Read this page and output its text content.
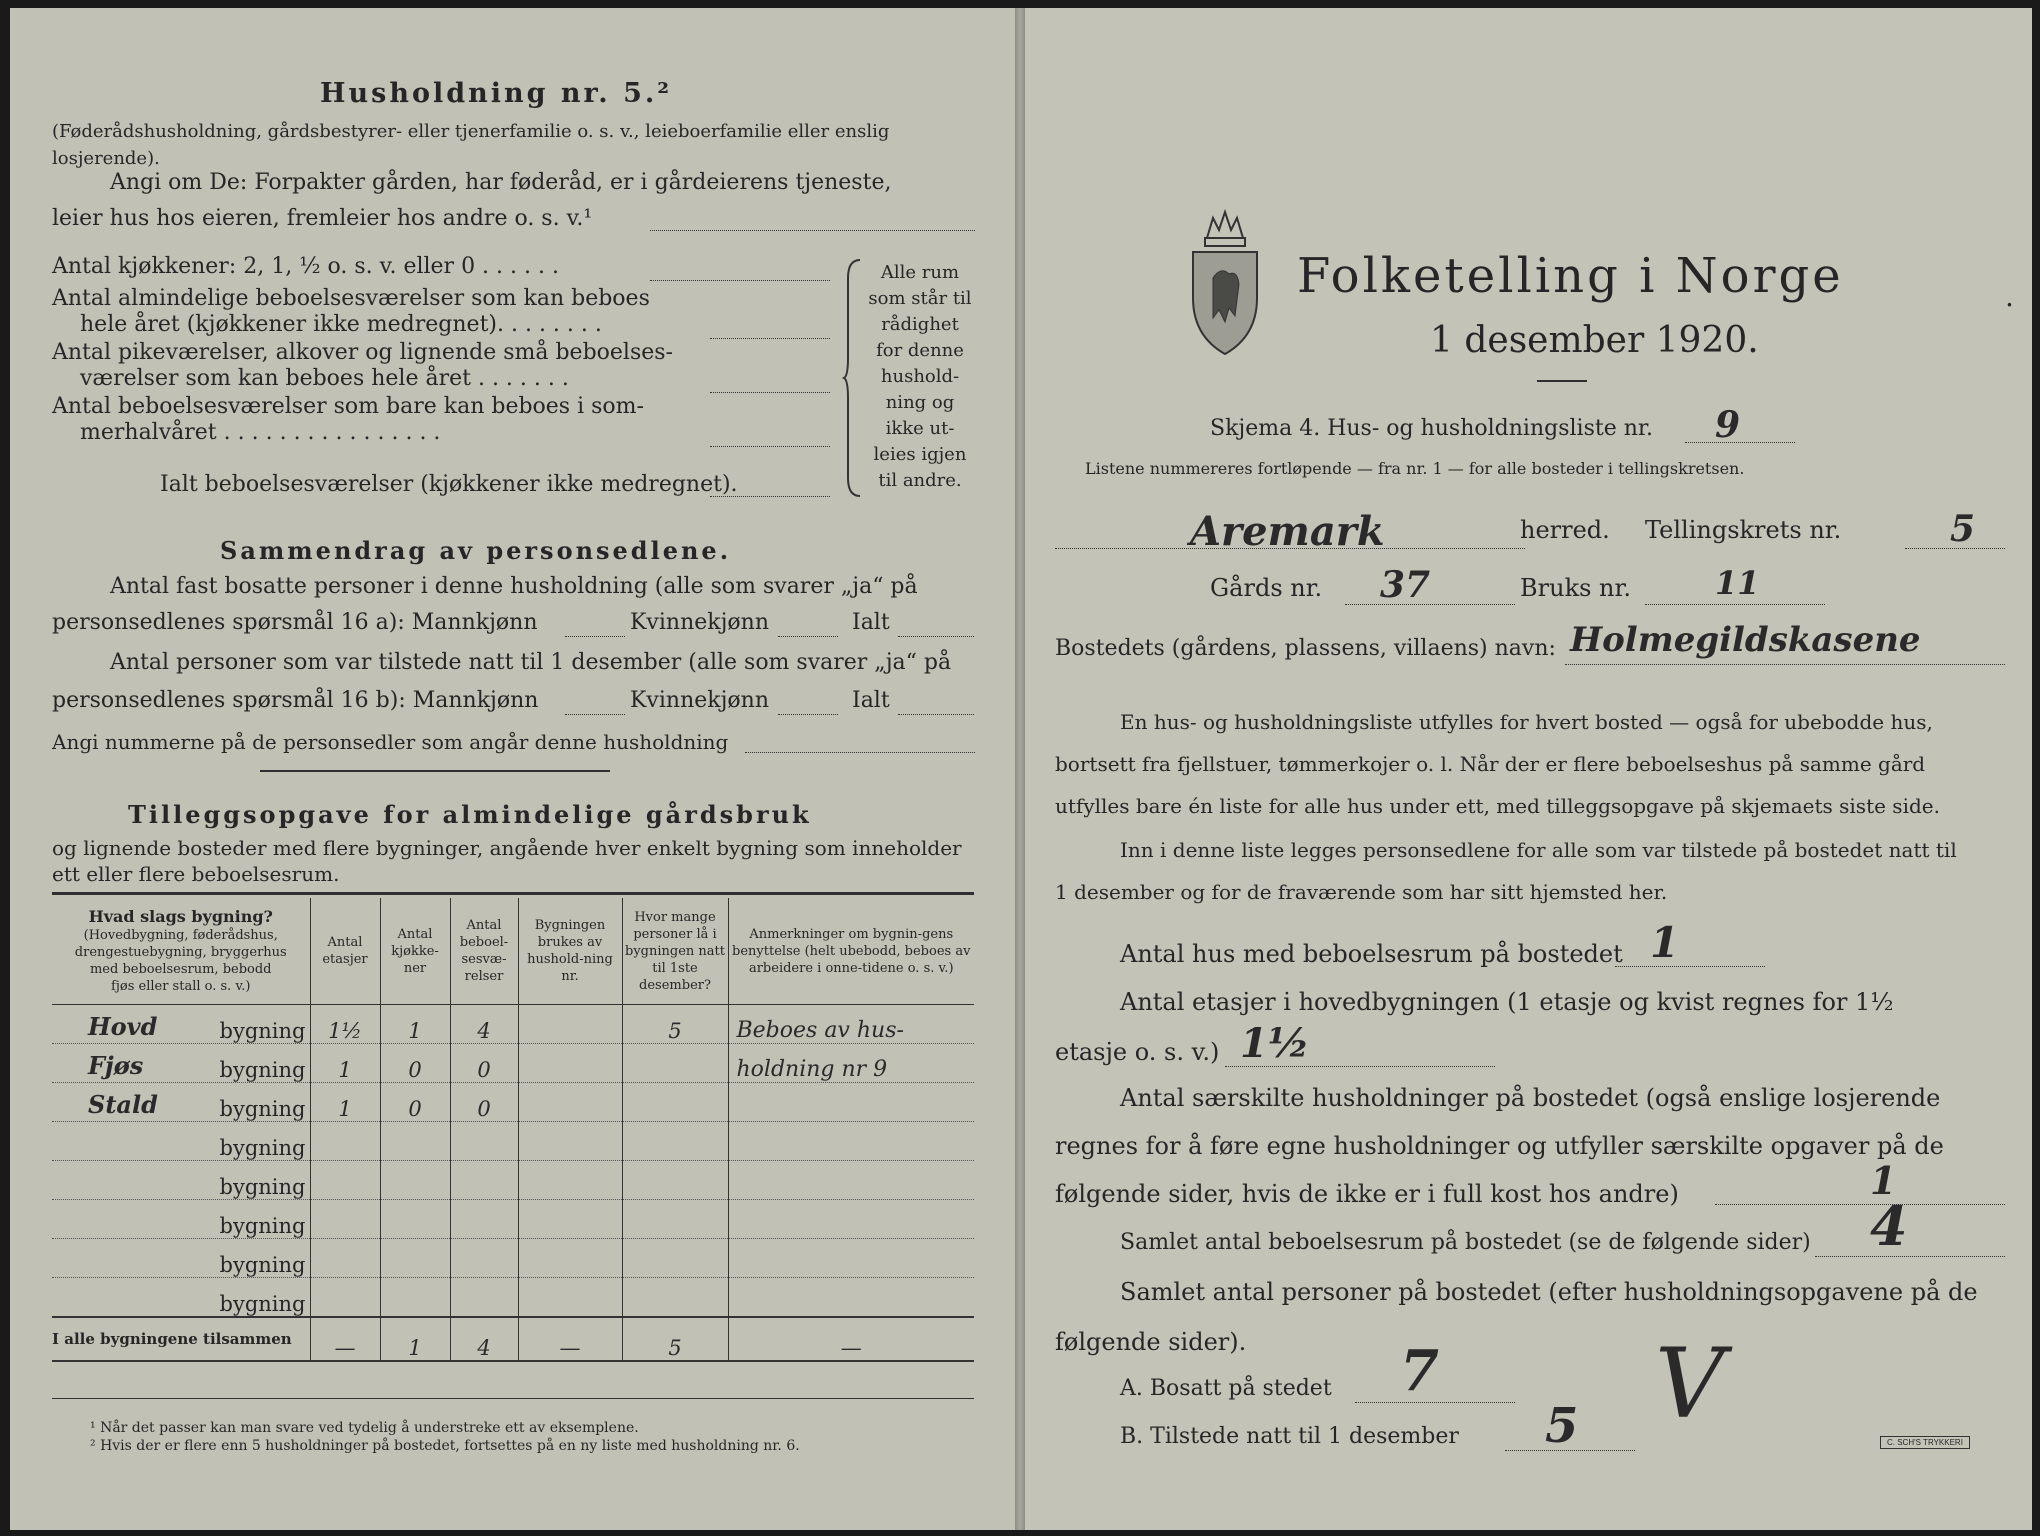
Husholdning nr. 5.²
(Føderådshusholdning, gårdsbestyrer- eller tjenerfamilie o. s. v., leieboerfamilie eller enslig losjerende).
Angi om De: Forpakter gården, har føderåd, er i gårdeierens tjeneste,
leier hus hos eieren, fremleier hos andre o. s. v.¹
Antal kjøkkener: 2, 1, ½ o. s. v. eller 0 . . . . . .
Antal almindelige beboelsesværelser som kan beboes
hele året (kjøkkener ikke medregnet). . . . . . . .
Antal pikeværelser, alkover og lignende små beboelses-
værelser som kan beboes hele året . . . . . . .
Antal beboelsesværelser som bare kan beboes i som-
merhalvåret . . . . . . . . . . . . . . . .
Ialt beboelsesværelser (kjøkkener ikke medregnet).
Alle rum
som står til
rådighet
for denne
hushold-
ning og
ikke ut-
leies igjen
til andre.
Sammendrag av personsedlene.
Antal fast bosatte personer i denne husholdning (alle som svarer „ja“ på
personsedlenes spørsmål 16 a): Mannkjønn	Kvinnekjønn	Ialt
Antal personer som var tilstede natt til 1 desember (alle som svarer „ja“ på
personsedlenes spørsmål 16 b): Mannkjønn	Kvinnekjønn	Ialt
Angi nummerne på de personsedler som angår denne husholdning
Tilleggsopgave for almindelige gårdsbruk
og lignende bosteder med flere bygninger, angående hver enkelt bygning som inneholder
ett eller flere beboelsesrum.
Hvad slags bygning?
(Hovedbygning, føderådshus,
drengestuebygning, bryggerhus
med beboelsesrum, bebodd
fjøs eller stall o. s. v.)	Antal etasjer	Antal kjøkke-ner	Antal beboel-sesvæ-relser	Bygningen brukes av hushold-ning nr.	Hvor mange personer lå i bygningen natt til 1ste desember?	Anmerkninger om bygnin-gens benyttelse (helt ubebodd, beboes av arbeidere i onne-tidene o. s. v.)

Hovd bygning	1½	1	4		5	Beboes av hus-

Fjøs bygning	1	0	0			holdning nr 9

Stald bygning	1	0	0			

bygning						

bygning						

bygning						

bygning						

bygning						
I alle bygningene tilsammen	—	1	4	—	5	—
¹ Når det passer kan man svare ved tydelig å understreke ett av eksemplene.
² Hvis der er flere enn 5 husholdninger på bostedet, fortsettes på en ny liste med husholdning nr. 6.
Folketelling i Norge	.
1 desember 1920.
Skjema 4. Hus- og husholdningsliste nr. 9
Listene nummereres fortløpende — fra nr. 1 — for alle bosteder i tellingskretsen.
Aremark	herred. Tellingskrets nr.	5
Gårds nr. 37	Bruks nr.	11
Bostedets (gårdens, plassens, villaens) navn: Holmegildskasene
En hus- og husholdningsliste utfylles for hvert bosted — også for ubebodde hus,
bortsett fra fjellstuer, tømmerkojer o. l. Når der er flere beboelseshus på samme gård
utfylles bare én liste for alle hus under ett, med tilleggsopgave på skjemaets siste side.
Inn i denne liste legges personsedlene for alle som var tilstede på bostedet natt til
1 desember og for de fraværende som har sitt hjemsted her.
Antal hus med beboelsesrum på bostedet 1
Antal etasjer i hovedbygningen (1 etasje og kvist regnes for 1½
etasje o. s. v.) 1½
Antal særskilte husholdninger på bostedet (også enslige losjerende
regnes for å føre egne husholdninger og utfyller særskilte opgaver på de
følgende sider, hvis de ikke er i full kost hos andre)	1
Samlet antal beboelsesrum på bostedet (se de følgende sider) 4
Samlet antal personer på bostedet (efter husholdningsopgavene på de
følgende sider).
A. Bosatt på stedet 7
B. Tilstede natt til 1 desember 5 V
C. SCH'S TRYKKERI
